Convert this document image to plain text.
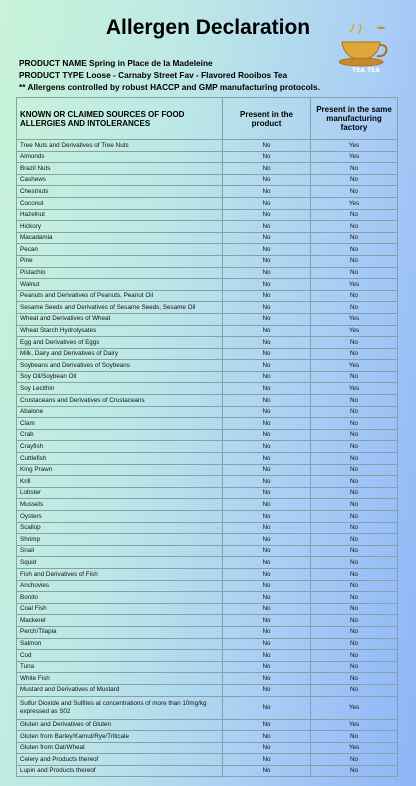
Allergen Declaration
TEA TEA
PRODUCT NAME Spring in Place de la Madeleine
PRODUCT TYPE Loose - Carnaby Street Fav - Flavored Rooibos Tea
** Allergens controlled by robust HACCP and GMP manufacturing protocols.
KNOWN OR CLAIMED SOURCES OF FOOD ALLERGIES AND INTOLERANCES	Present in the product	Present in the same manufacturing factory
Tree Nuts and Derivatives of Tree Nuts	No	Yes
Almonds	No	Yes
Brazil Nuts	No	No
Cashews	No	No
Chestnuts	No	No
Coconut	No	Yes
Hazelnut	No	No
Hickory	No	No
Macadamia	No	No
Pecan	No	No
Pine	No	No
Pistachio	No	No
Walnut	No	Yes
Peanuts and Derivatives of Peanuts, Peanut Oil	No	No
Sesame Seeds and Derivatives of Sesame Seeds, Sesame Oil	No	No
Wheat and Derivatives of Wheat	No	Yes
Wheat Starch Hydrolysates	No	Yes
Egg and Derivatives of Eggs	No	No
Milk, Dairy and Derivatives of Dairy	No	No
Soybeans and Derivatives of Soybeans	No	Yes
Soy Oil/Soybean Oil	No	No
Soy Lecithin	No	Yes
Crustaceans and Derivatives of Crustaceans	No	No
Abalone	No	No
Clam	No	No
Crab	No	No
Crayfish	No	No
Cuttlefish	No	No
King Prawn	No	No
Krill	No	No
Lobster	No	No
Mussels	No	No
Oysters	No	No
Scallop	No	No
Shrimp	No	No
Snail	No	No
Squid	No	No
Fish and Derivatives of Fish	No	No
Anchovies	No	No
Bonito	No	No
Coal Fish	No	No
Mackerel	No	No
Perch/Tilapia	No	No
Salmon	No	No
Cod	No	No
Tuna	No	No
White Fish	No	No
Mustard and Derivatives of Mustard	No	No
Sulfur Dioxide and Sulfites at concentrations of more than 10mg/kg expressed as S02	No	Yes
Gluten and Derivatives of Gluten	No	Yes
Gluten from Barley/Kamut/Rye/Triticale	No	No
Gluten from Oat/Wheat	No	Yes
Celery and Products thereof	No	No
Lupin and Products thereof	No	No
